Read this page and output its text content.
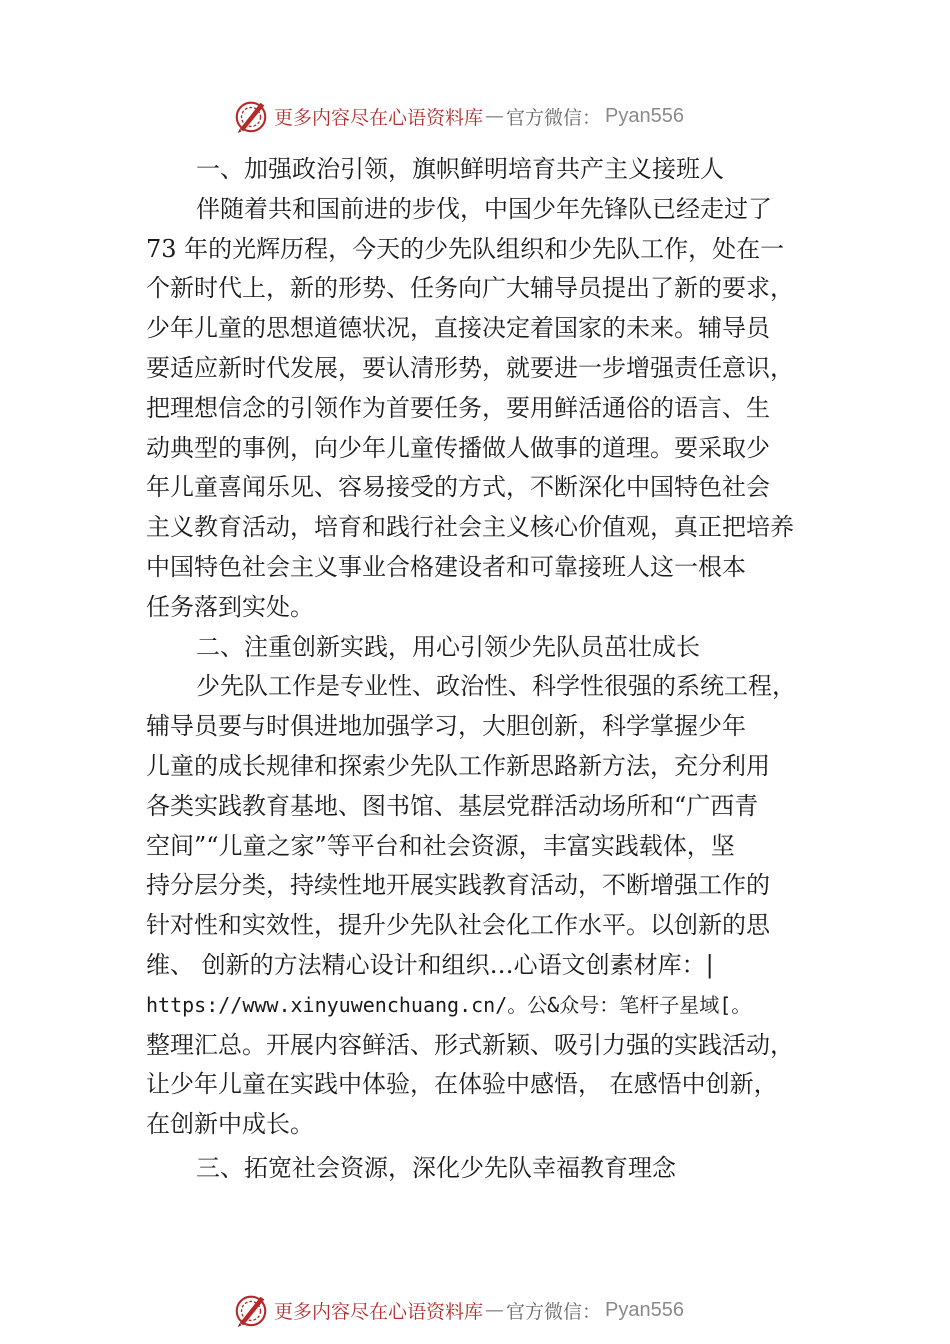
更多内容尽在心语资料库 — 官方微信： Pyan556
一、加强政治引领，旗帜鲜明培育共产主义接班人
伴随着共和国前进的步伐，中国少年先锋队已经走过了
73 年的光辉历程，今天的少先队组织和少先队工作，处在一
个新时代上，新的形势、任务向广大辅导员提出了新的要求，
少年儿童的思想道德状况，直接决定着国家的未来。辅导员
要适应新时代发展，要认清形势，就要进一步增强责任意识，
把理想信念的引领作为首要任务，要用鲜活通俗的语言、生
动典型的事例，向少年儿童传播做人做事的道理。要采取少
年儿童喜闻乐见、容易接受的方式，不断深化中国特色社会
主义教育活动，培育和践行社会主义核心价值观，真正把培养
中国特色社会主义事业合格建设者和可靠接班人这一根本
任务落到实处。
二、注重创新实践，用心引领少先队员茁壮成长
少先队工作是专业性、政治性、科学性很强的系统工程，
辅导员要与时俱进地加强学习，大胆创新，科学掌握少年
儿童的成长规律和探索少先队工作新思路新方法，充分利用
各类实践教育基地、图书馆、基层党群活动场所和“广西青
空间”“儿童之家”等平台和社会资源，丰富实践载体，坚
持分层分类，持续性地开展实践教育活动，不断增强工作的
针对性和实效性，提升少先队社会化工作水平。以创新的思
维、 创新的方法精心设计和组织…心语文创素材库：|
https://www.xinyuwenchuang.cn/。公&众号：笔杆子星域[。
整理汇总。开展内容鲜活、形式新颖、吸引力强的实践活动，
让少年儿童在实践中体验，在体验中感悟， 在感悟中创新，
在创新中成长。
三、拓宽社会资源，深化少先队幸福教育理念
更多内容尽在心语资料库 — 官方微信： Pyan556
